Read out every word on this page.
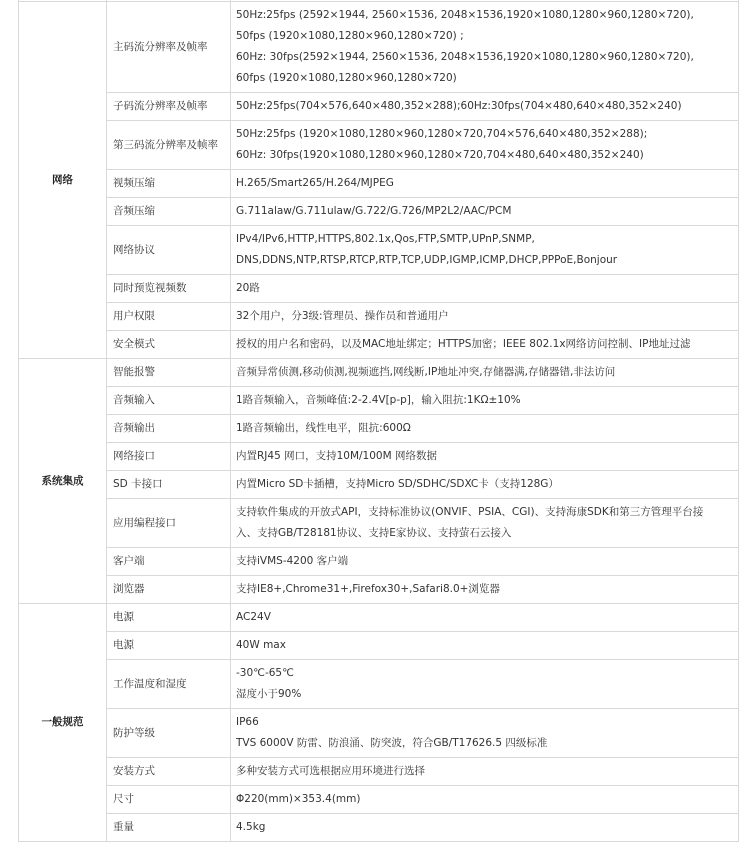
网络	主码流分辨率及帧率	50Hz:25fps (2592×1944, 2560×1536, 2048×1536,1920×1080,1280×960,1280×720),
50fps (1920×1080,1280×960,1280×720) ;
60Hz: 30fps(2592×1944, 2560×1536, 2048×1536,1920×1080,1280×960,1280×720),
60fps (1920×1080,1280×960,1280×720)

	子码流分辨率及帧率	50Hz:25fps(704×576,640×480,352×288);60Hz:30fps(704×480,640×480,352×240)

	第三码流分辨率及帧率	50Hz:25fps (1920×1080,1280×960,1280×720,704×576,640×480,352×288);
60Hz: 30fps(1920×1080,1280×960,1280×720,704×480,640×480,352×240)

	视频压缩	H.265/Smart265/H.264/MJPEG

	音频压缩	G.711alaw/G.711ulaw/G.722/G.726/MP2L2/AAC/PCM

	网络协议	IPv4/IPv6,HTTP,HTTPS,802.1x,Qos,FTP,SMTP,UPnP,SNMP,
DNS,DDNS,NTP,RTSP,RTCP,RTP,TCP,UDP,IGMP,ICMP,DHCP,PPPoE,Bonjour

	同时预览视频数	20路

	用户权限	32个用户，分3级:管理员、操作员和普通用户

	安全模式	授权的用户名和密码，以及MAC地址绑定；HTTPS加密；IEEE 802.1x网络访问控制、IP地址过滤

系统集成	智能报警	音频异常侦测,移动侦测,视频遮挡,网线断,IP地址冲突,存储器满,存储器错,非法访问

	音频输入	1路音频输入，音频峰值:2-2.4V[p-p]，输入阻抗:1KΩ±10%

	音频输出	1路音频输出，线性电平，阻抗:600Ω

	网络接口	内置RJ45 网口，支持10M/100M 网络数据

	SD 卡接口	内置Micro SD卡插槽，支持Micro SD/SDHC/SDXC卡（支持128G）

	应用编程接口	支持软件集成的开放式API，支持标准协议(ONVIF、PSIA、CGI)、支持海康SDK和第三方管理平台接
入、支持GB/T28181协议、支持E家协议、支持萤石云接入

	客户端	支持iVMS-4200 客户端

	浏览器	支持IE8+,Chrome31+,Firefox30+,Safari8.0+浏览器

一般规范	电源	AC24V

	电源	40W max

	工作温度和湿度	-30℃-65℃
湿度小于90%

	防护等级	IP66
TVS 6000V 防雷、防浪涌、防突波，符合GB/T17626.5 四级标准

	安装方式	多种安装方式可选根据应用环境进行选择

	尺寸	Φ220(mm)×353.4(mm)

	重量	4.5kg
